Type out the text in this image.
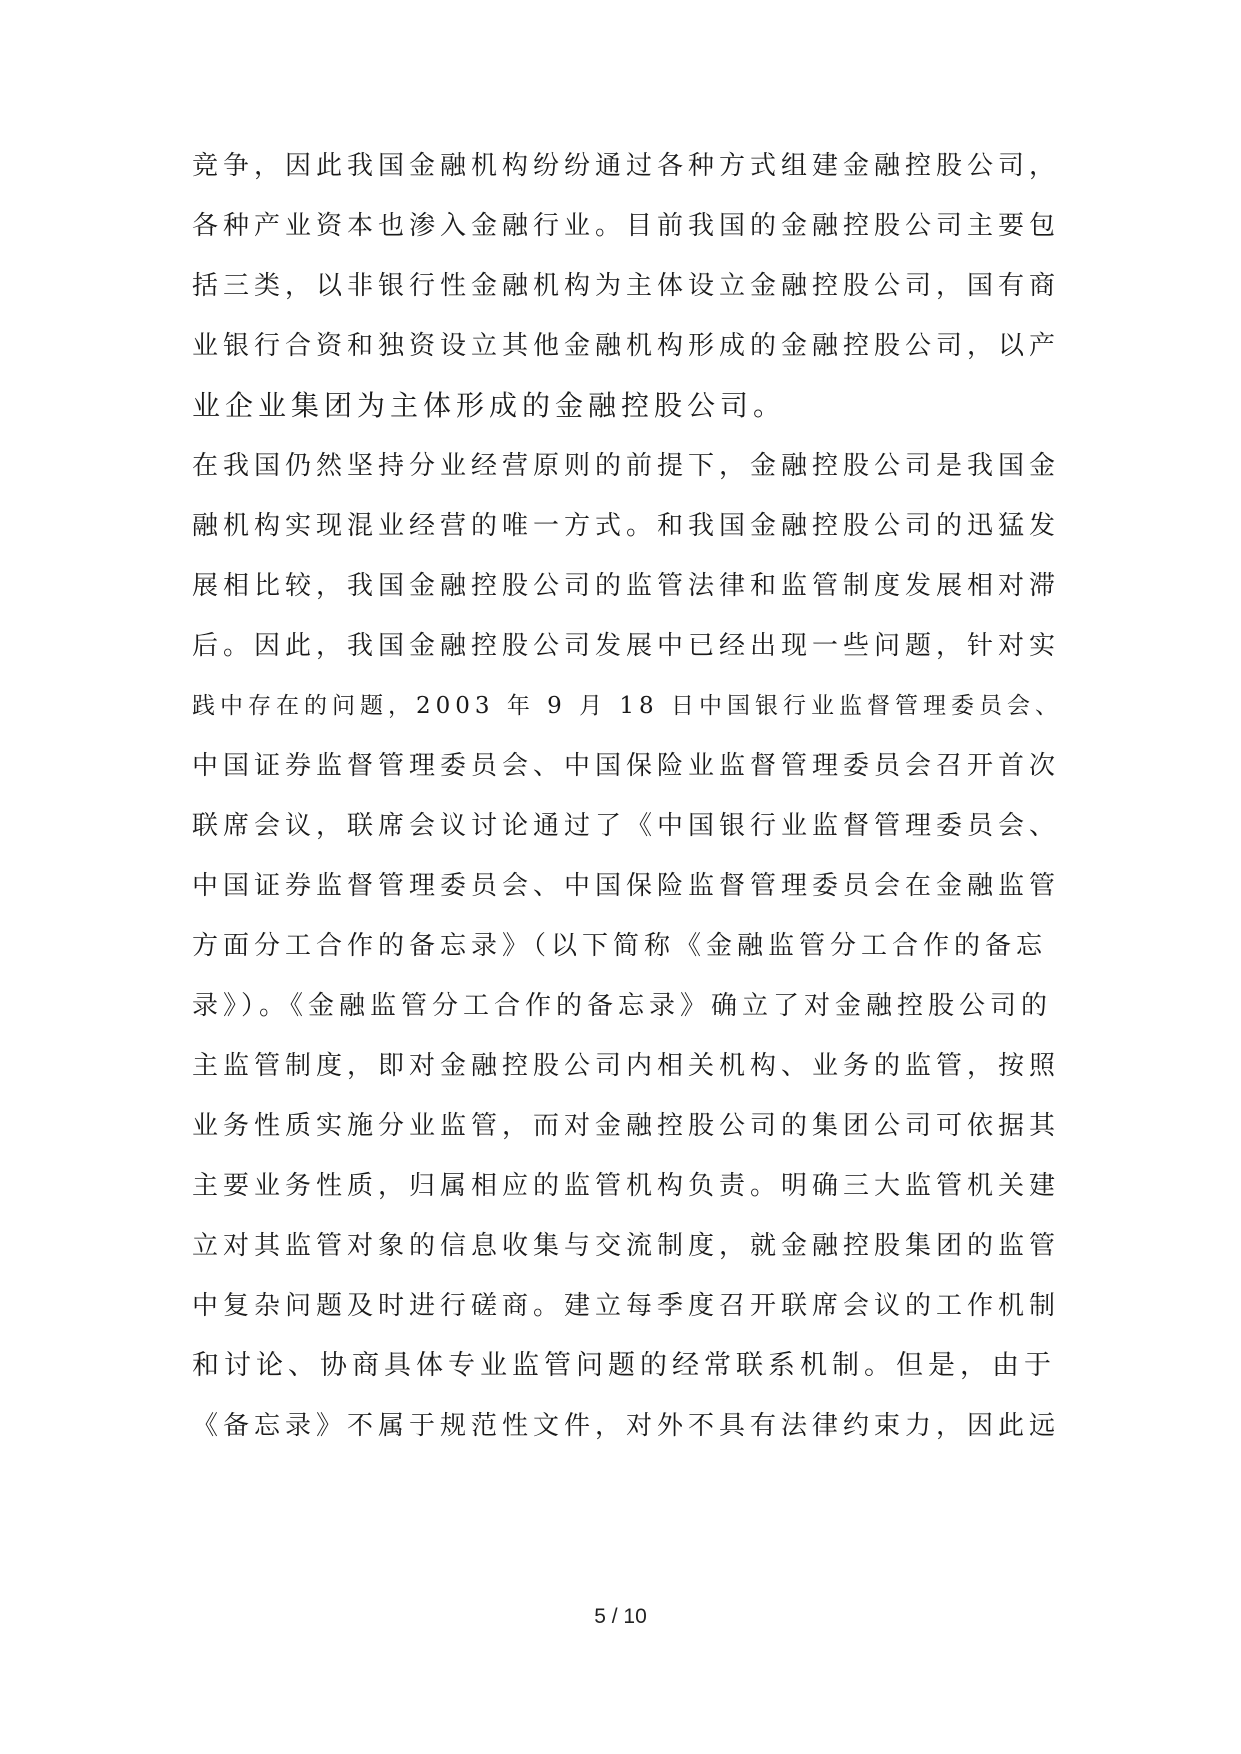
竞争，因此我国金融机构纷纷通过各种方式组建金融控股公司，
各种产业资本也渗入金融行业。目前我国的金融控股公司主要包
括三类，以非银行性金融机构为主体设立金融控股公司，国有商
业银行合资和独资设立其他金融机构形成的金融控股公司，以产
业企业集团为主体形成的金融控股公司。
在我国仍然坚持分业经营原则的前提下，金融控股公司是我国金
融机构实现混业经营的唯一方式。和我国金融控股公司的迅猛发
展相比较，我国金融控股公司的监管法律和监管制度发展相对滞
后。因此，我国金融控股公司发展中已经出现一些问题，针对实
践中存在的问题，2003 年 9 月 18 日中国银行业监督管理委员会、
中国证券监督管理委员会、中国保险业监督管理委员会召开首次
联席会议，联席会议讨论通过了《中国银行业监督管理委员会、
中国证券监督管理委员会、中国保险监督管理委员会在金融监管
方面分工合作的备忘录》（以下简称《金融监管分工合作的备忘
录》）。《金融监管分工合作的备忘录》确立了对金融控股公司的
主监管制度，即对金融控股公司内相关机构、业务的监管，按照
业务性质实施分业监管，而对金融控股公司的集团公司可依据其
主要业务性质，归属相应的监管机构负责。明确三大监管机关建
立对其监管对象的信息收集与交流制度，就金融控股集团的监管
中复杂问题及时进行磋商。建立每季度召开联席会议的工作机制
和讨论、协商具体专业监管问题的经常联系机制。但是，由于
《备忘录》不属于规范性文件，对外不具有法律约束力，因此远
5 / 10
